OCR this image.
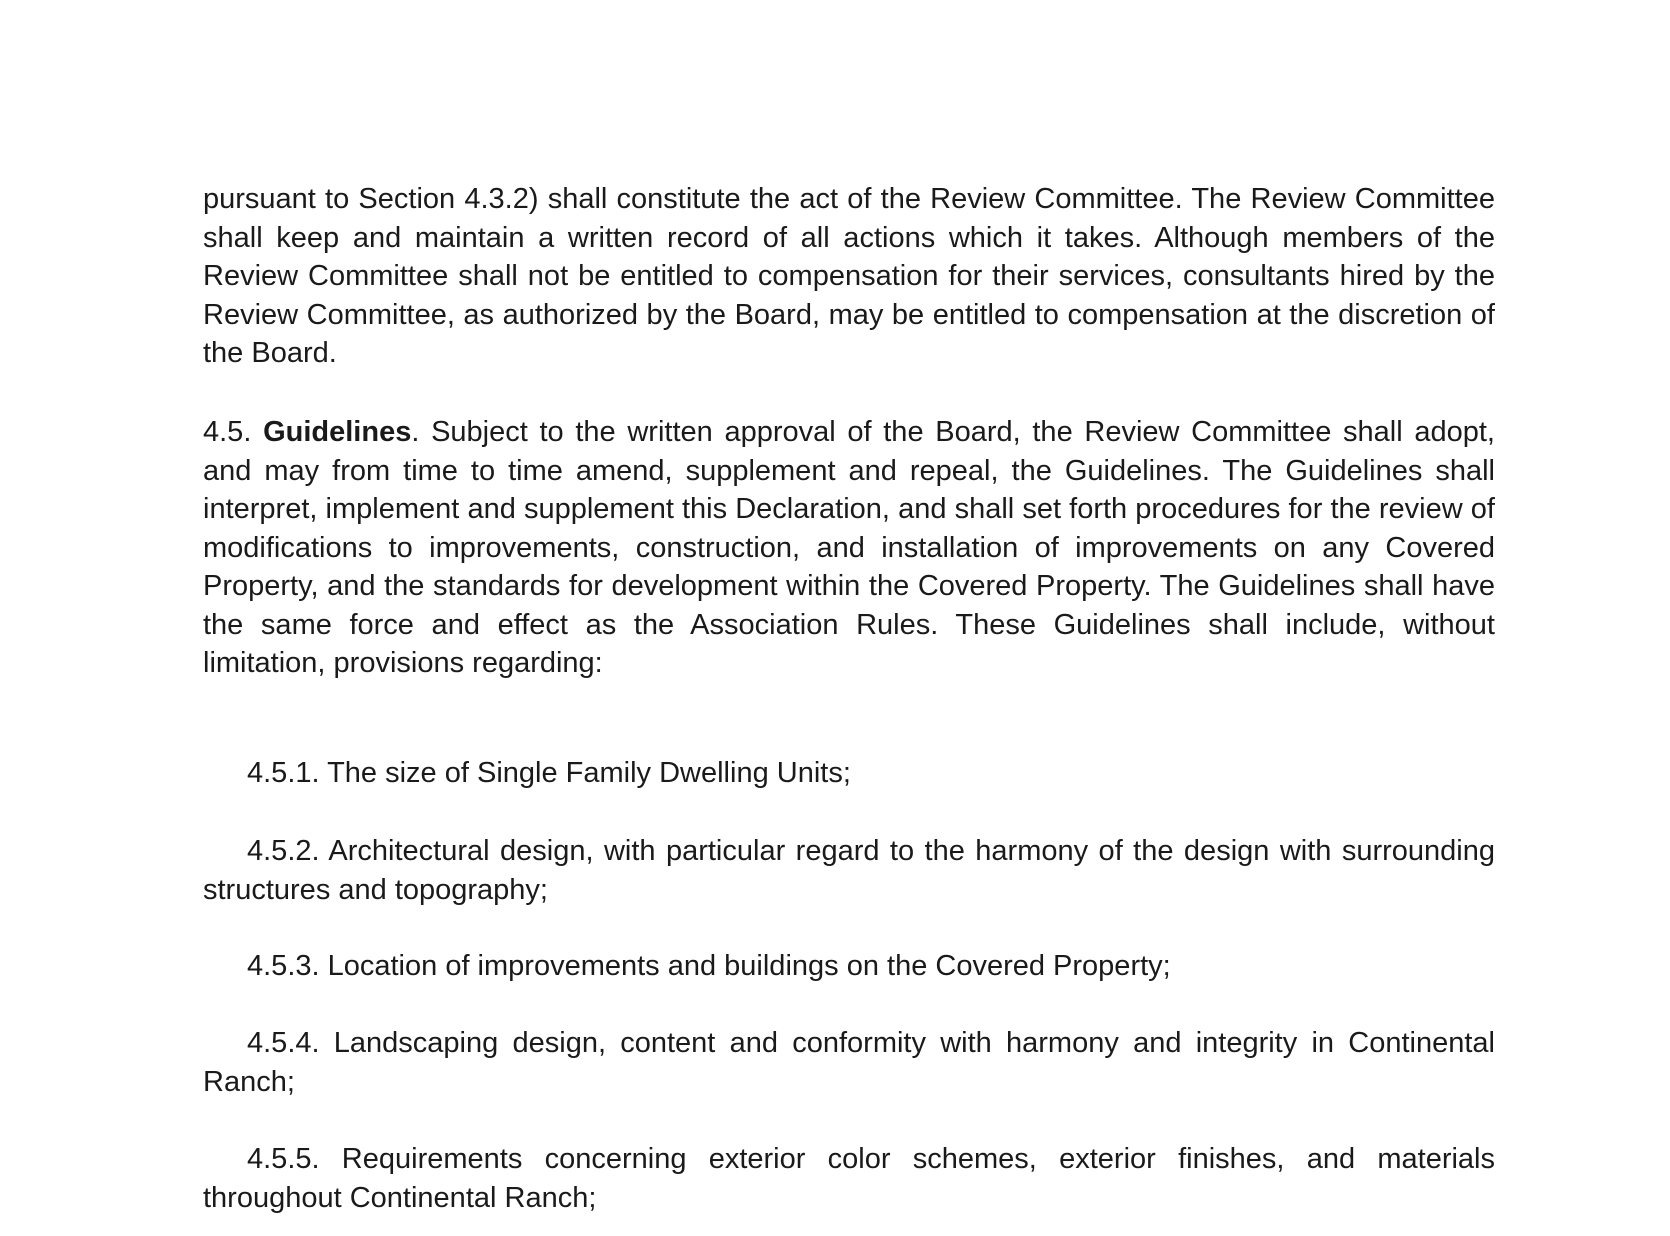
pursuant to Section 4.3.2) shall constitute the act of the Review Committee. The Review Committee shall keep and maintain a written record of all actions which it takes. Although members of the Review Committee shall not be entitled to compensation for their services, consultants hired by the Review Committee, as authorized by the Board, may be entitled to compensation at the discretion of the Board.

4.5. Guidelines. Subject to the written approval of the Board, the Review Committee shall adopt, and may from time to time amend, supplement and repeal, the Guidelines. The Guidelines shall interpret, implement and supplement this Declaration, and shall set forth procedures for the review of modifications to improvements, construction, and installation of improvements on any Covered Property, and the standards for development within the Covered Property. The Guidelines shall have the same force and effect as the Association Rules. These Guidelines shall include, without limitation, provisions regarding:

4.5.1. The size of Single Family Dwelling Units;

4.5.2. Architectural design, with particular regard to the harmony of the design with surrounding structures and topography;

4.5.3. Location of improvements and buildings on the Covered Property;

4.5.4. Landscaping design, content and conformity with harmony and integrity in Continental Ranch;

4.5.5. Requirements concerning exterior color schemes, exterior finishes, and materials throughout Continental Ranch;
